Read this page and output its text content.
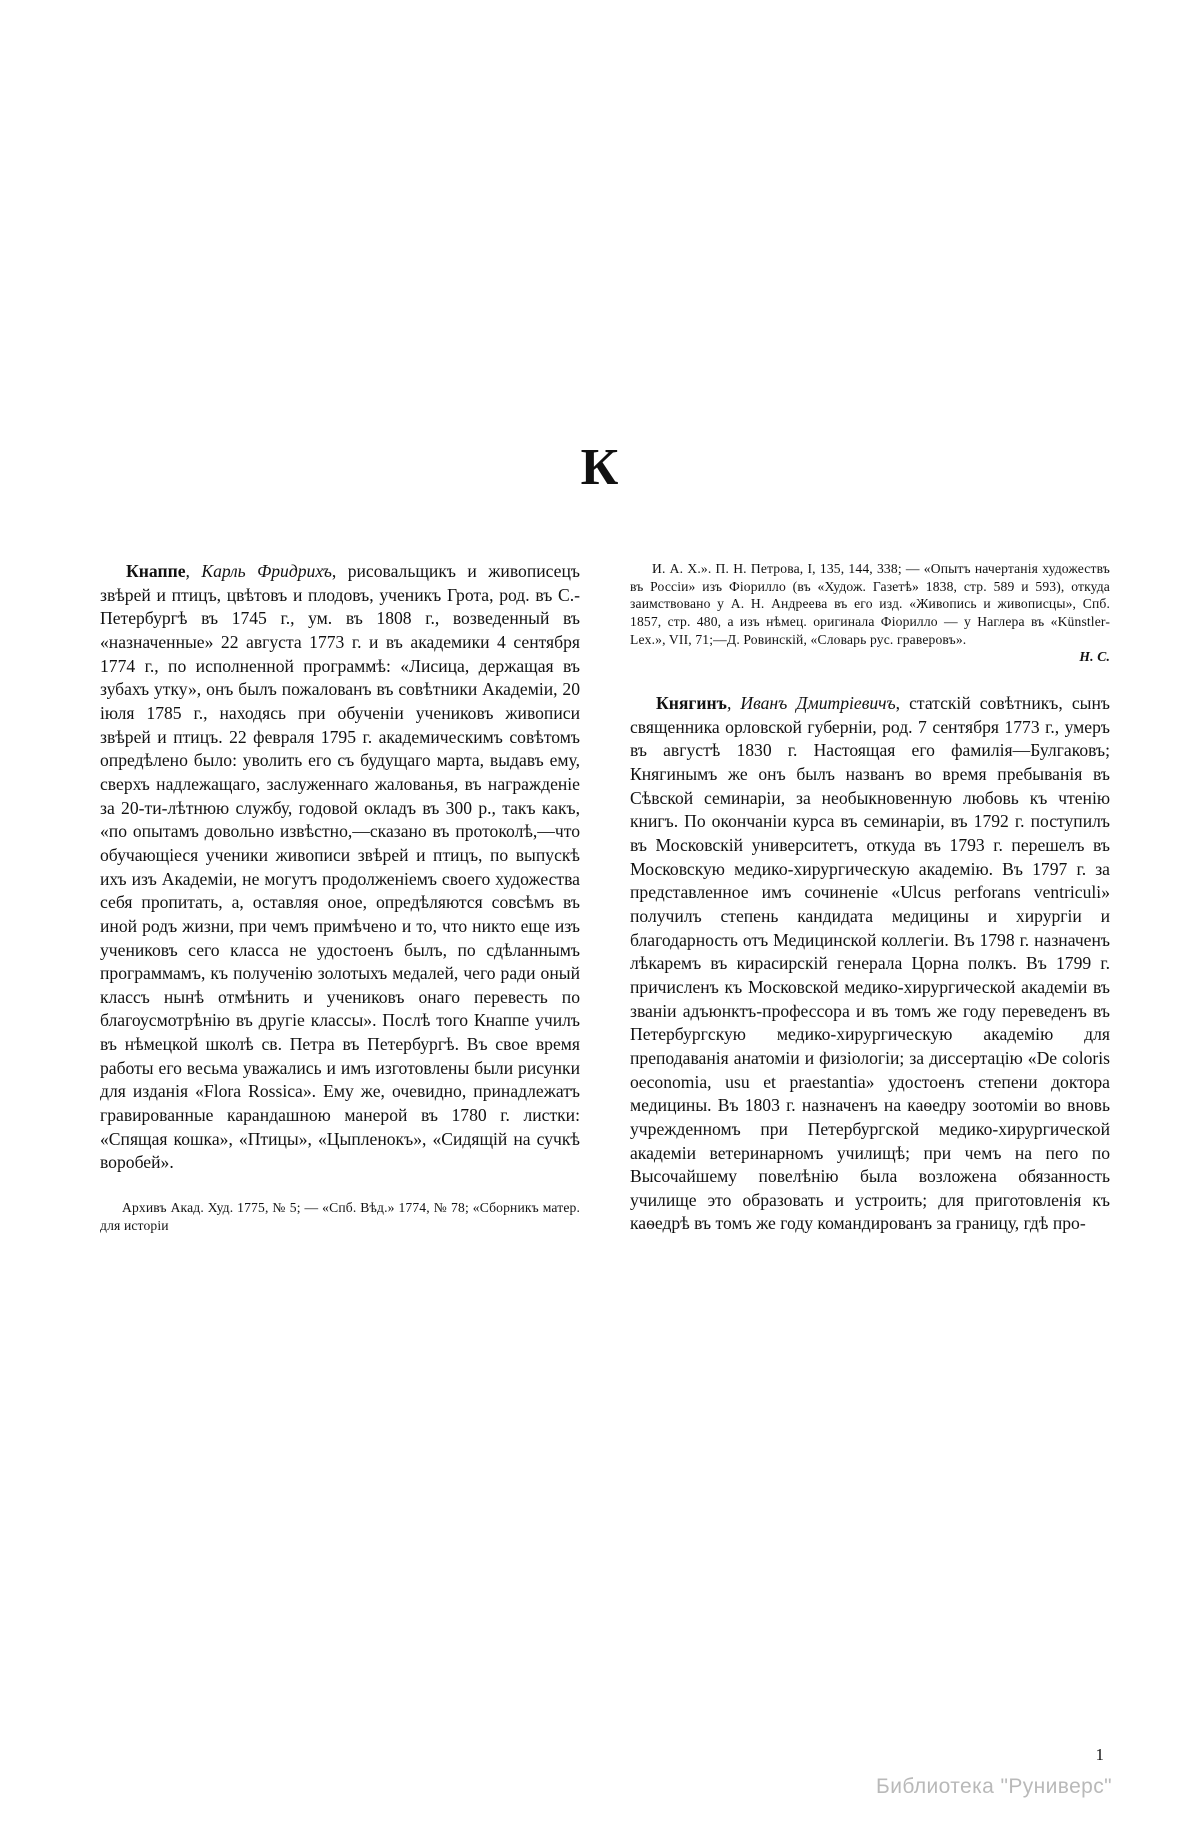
К

Кнаппе, Карль Фридрихъ, рисовальщикъ и живописецъ звѣрей и птицъ, цвѣтовъ и плодовъ, ученикъ Грота, род. въ С.-Петербургѣ въ 1745 г., ум. въ 1808 г., возведенный въ «назначенные» 22 августа 1773 г. и въ академики 4 сентября 1774 г., по исполненной программѣ: «Лисица, держащая въ зубахъ утку», онъ былъ пожалованъ въ совѣтники Академiи, 20 iюля 1785 г., находясь при обученiи учениковъ живописи звѣрей и птицъ. 22 февраля 1795 г. академическимъ совѣтомъ опредѣлено было: уволить его съ будущаго марта, выдавъ ему, сверхъ надлежащаго, заслуженнаго жалованья, въ награжденiе за 20-ти-лѣтнюю службу, годовой окладъ въ 300 р., такъ какъ, «по опытамъ довольно извѣстно,—сказано въ протоколѣ,—что обучающiеся ученики живописи звѣрей и птицъ, по выпускѣ ихъ изъ Академiи, не могутъ продолженiемъ своего художества себя пропитать, а, оставляя оное, опредѣляются совсѣмъ въ иной родъ жизни, при чемъ примѣчено и то, что никто еще изъ учениковъ сего класса не удостоенъ былъ, по сдѣланнымъ программамъ, къ полученiю золотыхъ медалей, чего ради оный классъ нынѣ отмѣнить и учениковъ онаго перевесть по благоусмотрѣнiю въ другiе классы». Послѣ того Кнаппе училъ въ нѣмецкой школѣ св. Петра въ Петербургѣ. Въ свое время работы его весьма уважались и имъ изготовлены были рисунки для изданiя «Flora Rossica». Ему же, очевидно, принадлежатъ гравированные карандашною манерой въ 1780 г. листки: «Спящая кошка», «Птицы», «Цыпленокъ», «Сидящiй на сучкѣ воробей».

Архивъ Акад. Худ. 1775, № 5; — «Спб. Вѣд.» 1774, № 78; «Сборникъ матер. для исторiи

И. А. Х.». П. Н. Петрова, I, 135, 144, 338; — «Опытъ начертанiя художествъ въ Россiи» изъ Фiорилло (въ «Худож. Газетѣ» 1838, стр. 589 и 593), откуда заимствовано у А. Н. Андреева въ его изд. «Живопись и живописцы», Спб. 1857, стр. 480, а изъ нѣмец. оригинала Фiорилло — у Наглера въ «Künstler-Lex.», VII, 71;—Д. Ровинскiй, «Словарь рус. граверовъ».

Н. С.

Княгинъ, Иванъ Дмитрiевичъ, статскiй совѣтникъ, сынъ священника орловской губернiи, род. 7 сентября 1773 г., умеръ въ августѣ 1830 г. Настоящая его фамилiя—Булгаковъ; Княгинымъ же онъ былъ названъ во время пребыванiя въ Сѣвской семинарiи, за необыкновенную любовь къ чтенiю книгъ. По окончанiи курса въ семинарiи, въ 1792 г. поступилъ въ Московскiй университетъ, откуда въ 1793 г. перешелъ въ Московскую медико-хирургическую академiю. Въ 1797 г. за представленное имъ сочиненiе «Ulcus perforans ventriculi» получилъ степень кандидата медицины и хирургiи и благодарность отъ Медицинской коллегiи. Въ 1798 г. назначенъ лѣкаремъ въ кирасирскiй генерала Цорна полкъ. Въ 1799 г. причисленъ къ Московской медико-хирургической академiи въ званiи адъюнктъ-профессора и въ томъ же году переведенъ въ Петербургскую медико-хирургическую академiю для преподаванiя анатомiи и физiологiи; за диссертацiю «De coloris oeconomia, usu et praestantia» удостоенъ степени доктора медицины. Въ 1803 г. назначенъ на каѳедру зоотомiи во вновь учрежденномъ при Петербургской медико-хирургической академiи ветеринарномъ училищѣ; при чемъ на пего по Высочайшему повелѣнiю была возложена обязанность училище это образовать и устроить; для приготовленiя къ каѳедрѣ въ томъ же году командированъ за границу, гдѣ про-

1
Библиотека "Руниверс"
